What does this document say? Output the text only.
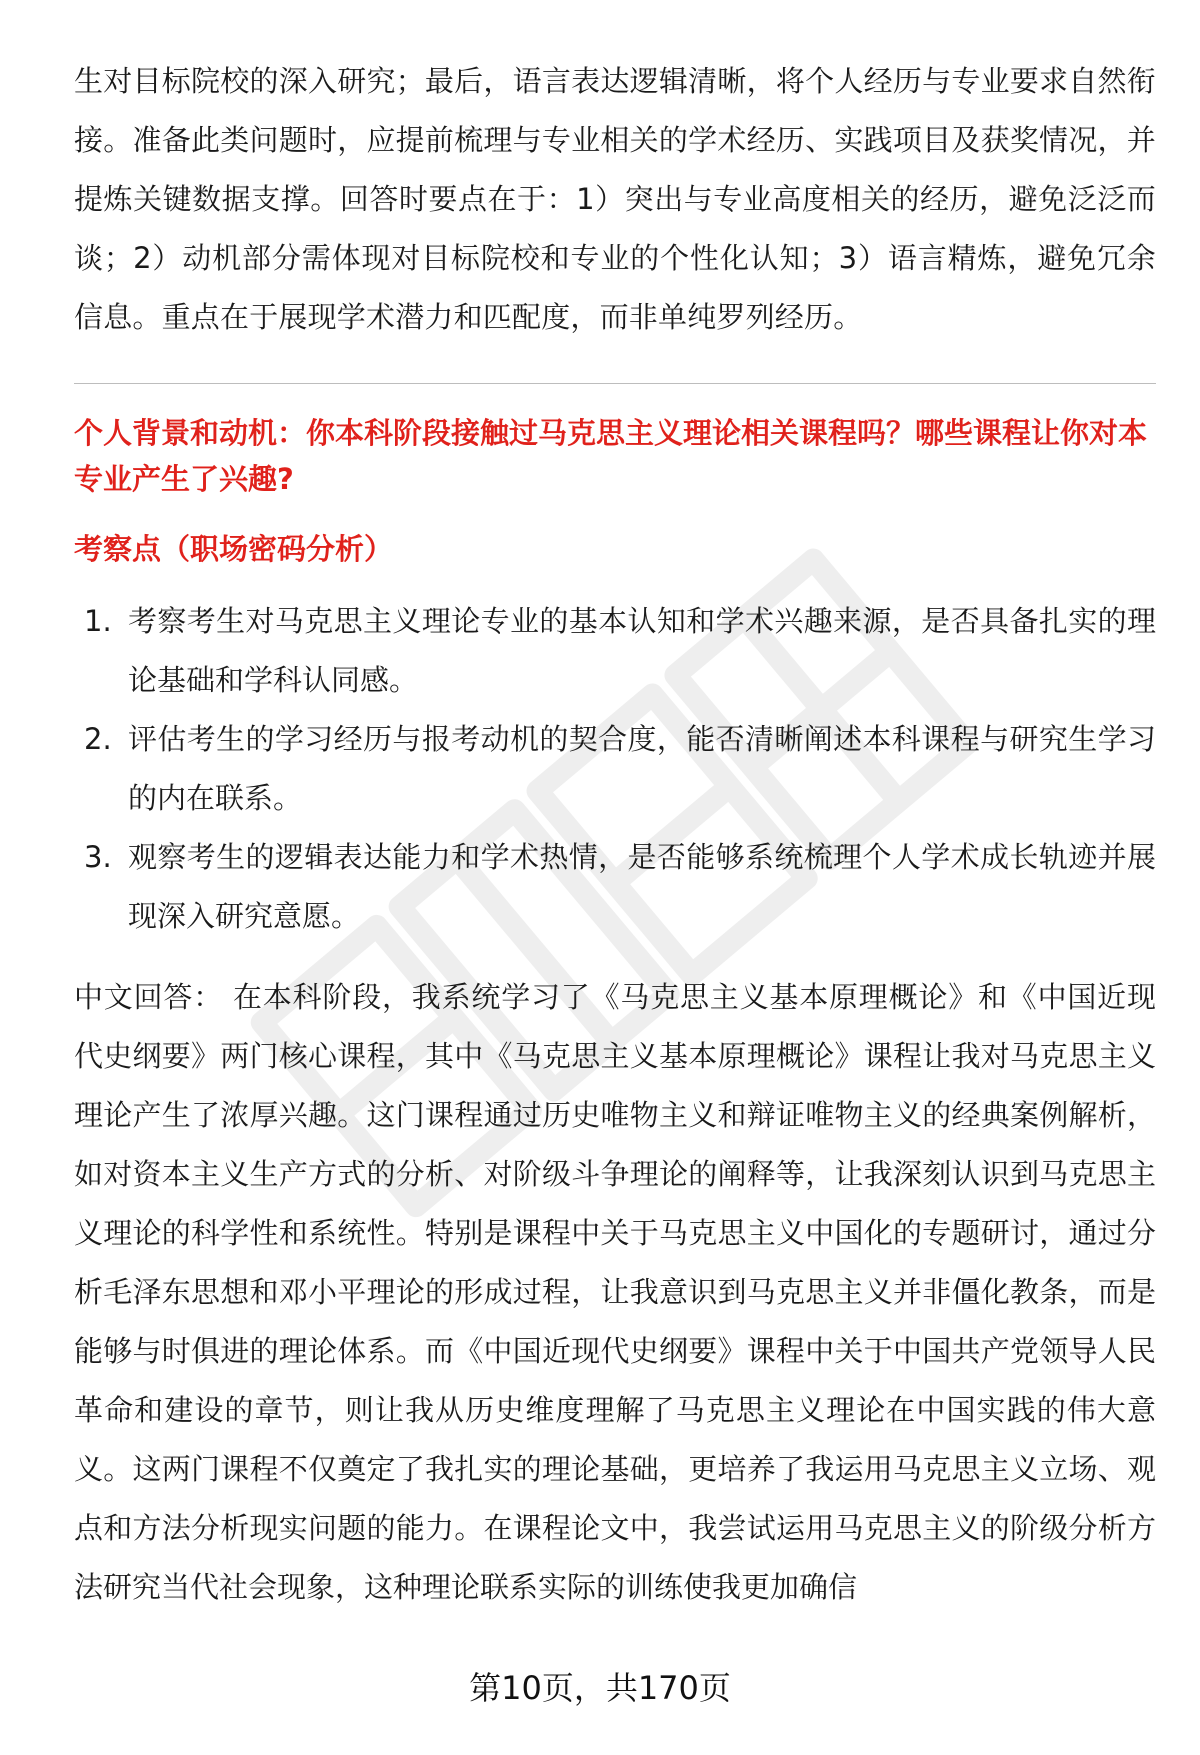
生对目标院校的深入研究；最后，语言表达逻辑清晰，将个人经历与专业要求自然衔接。准备此类问题时，应提前梳理与专业相关的学术经历、实践项目及获奖情况，并提炼关键数据支撑。回答时要点在于：1）突出与专业高度相关的经历，避免泛泛而谈；2）动机部分需体现对目标院校和专业的个性化认知；3）语言精炼，避免冗余信息。重点在于展现学术潜力和匹配度，而非单纯罗列经历。

个人背景和动机：你本科阶段接触过马克思主义理论相关课程吗？哪些课程让你对本专业产生了兴趣?

考察点（职场密码分析）

1. 考察考生对马克思主义理论专业的基本认知和学术兴趣来源，是否具备扎实的理论基础和学科认同感。
2. 评估考生的学习经历与报考动机的契合度，能否清晰阐述本科课程与研究生学习的内在联系。
3. 观察考生的逻辑表达能力和学术热情，是否能够系统梳理个人学术成长轨迹并展现深入研究意愿。

中文回答： 在本科阶段，我系统学习了《马克思主义基本原理概论》和《中国近现代史纲要》两门核心课程，其中《马克思主义基本原理概论》课程让我对马克思主义理论产生了浓厚兴趣。这门课程通过历史唯物主义和辩证唯物主义的经典案例解析，如对资本主义生产方式的分析、对阶级斗争理论的阐释等，让我深刻认识到马克思主义理论的科学性和系统性。特别是课程中关于马克思主义中国化的专题研讨，通过分析毛泽东思想和邓小平理论的形成过程，让我意识到马克思主义并非僵化教条，而是能够与时俱进的理论体系。而《中国近现代史纲要》课程中关于中国共产党领导人民革命和建设的章节，则让我从历史维度理解了马克思主义理论在中国实践的伟大意义。这两门课程不仅奠定了我扎实的理论基础，更培养了我运用马克思主义立场、观点和方法分析现实问题的能力。在课程论文中，我尝试运用马克思主义的阶级分析方法研究当代社会现象，这种理论联系实际的训练使我更加确信

第10页，共170页
